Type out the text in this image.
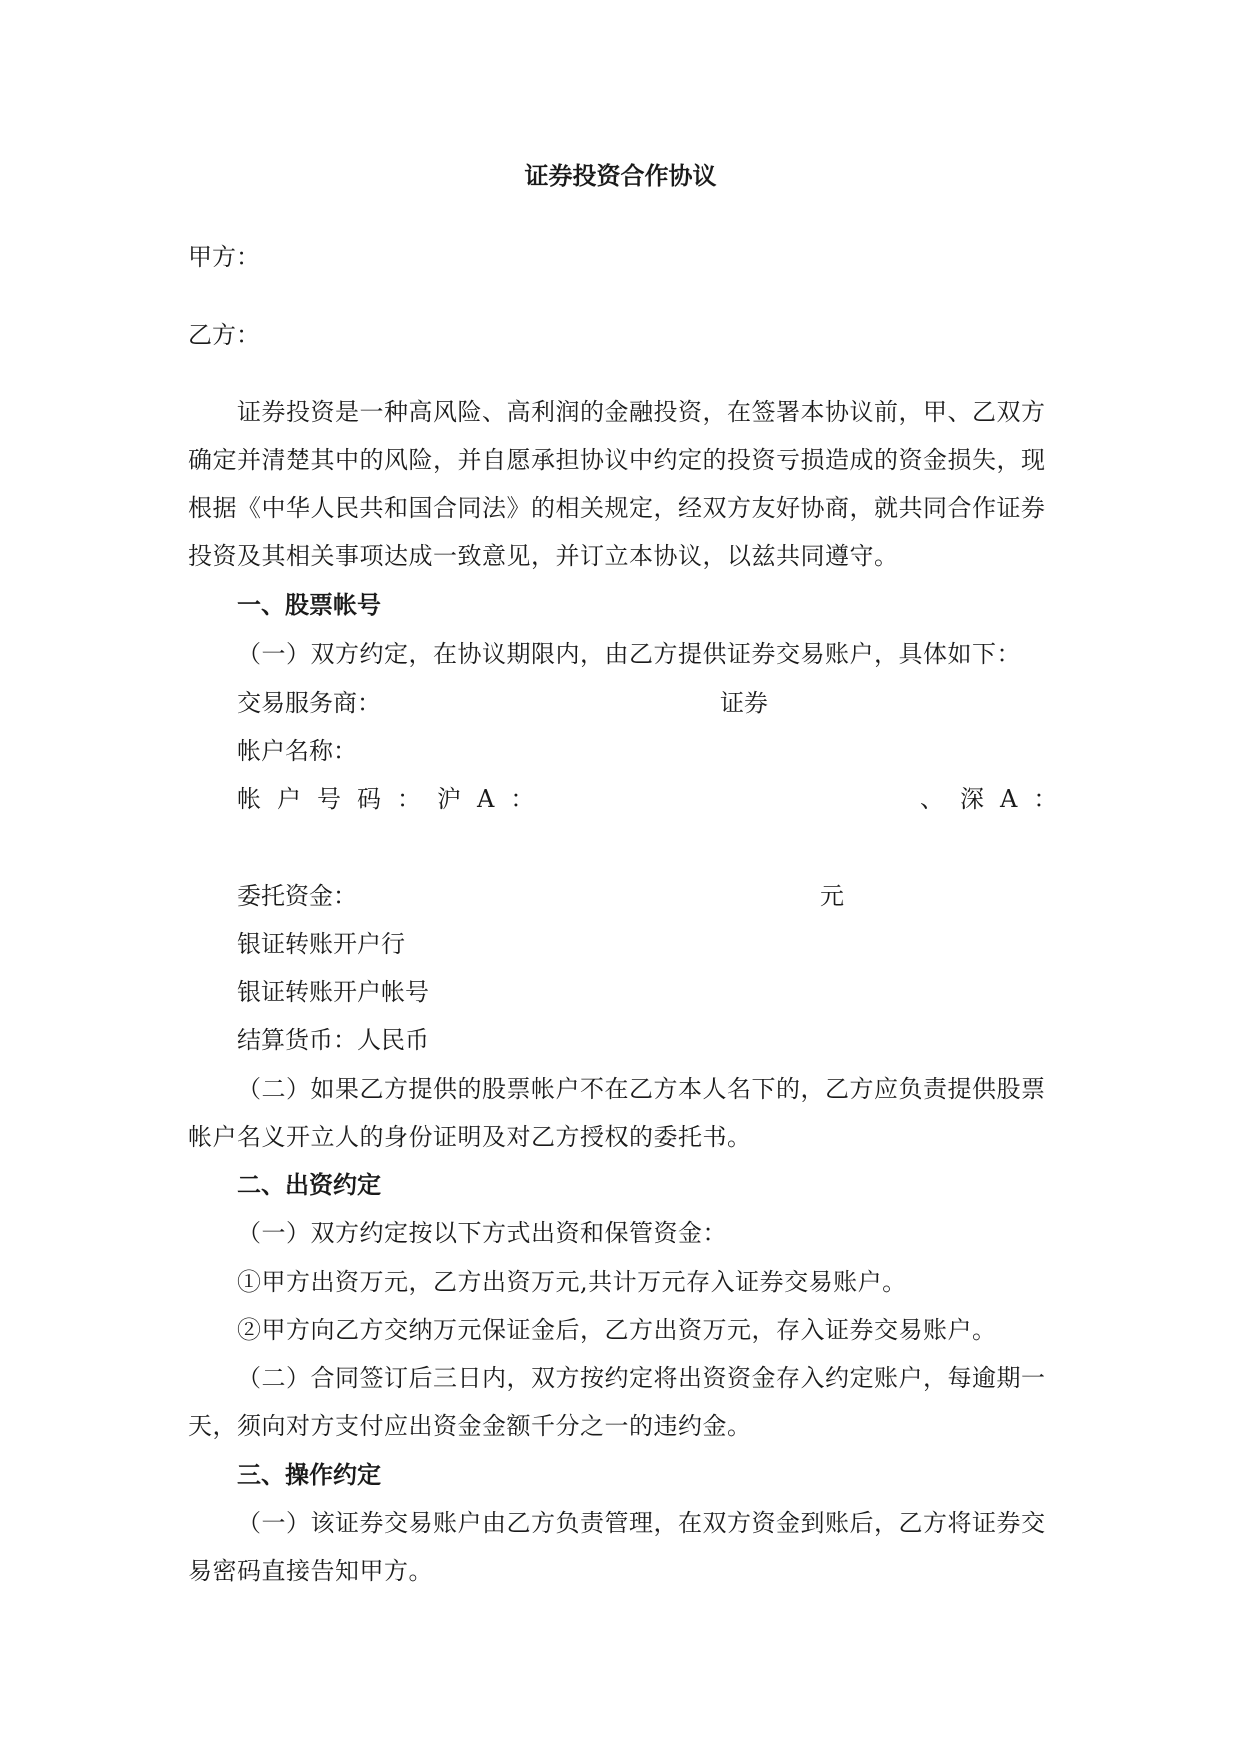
证券投资合作协议
甲方：
乙方：
证券投资是一种高风险、高利润的金融投资，在签署本协议前，甲、乙双方
确定并清楚其中的风险，并自愿承担协议中约定的投资亏损造成的资金损失，现
根据《中华人民共和国合同法》的相关规定，经双方友好协商，就共同合作证券
投资及其相关事项达成一致意见，并订立本协议，以兹共同遵守。
一、股票帐号
（一）双方约定，在协议期限内，由乙方提供证券交易账户，具体如下：
交易服务商：	证券
帐户名称：
帐户号码：沪A：	、深A：
委托资金：	元
银证转账开户行
银证转账开户帐号
结算货币：人民币
（二）如果乙方提供的股票帐户不在乙方本人名下的，乙方应负责提供股票
帐户名义开立人的身份证明及对乙方授权的委托书。
二、出资约定
（一）双方约定按以下方式出资和保管资金：
①甲方出资万元，乙方出资万元,共计万元存入证券交易账户。
②甲方向乙方交纳万元保证金后，乙方出资万元，存入证券交易账户。
（二）合同签订后三日内，双方按约定将出资资金存入约定账户，每逾期一
天，须向对方支付应出资金金额千分之一的违约金。
三、操作约定
（一）该证券交易账户由乙方负责管理，在双方资金到账后，乙方将证券交
易密码直接告知甲方。
